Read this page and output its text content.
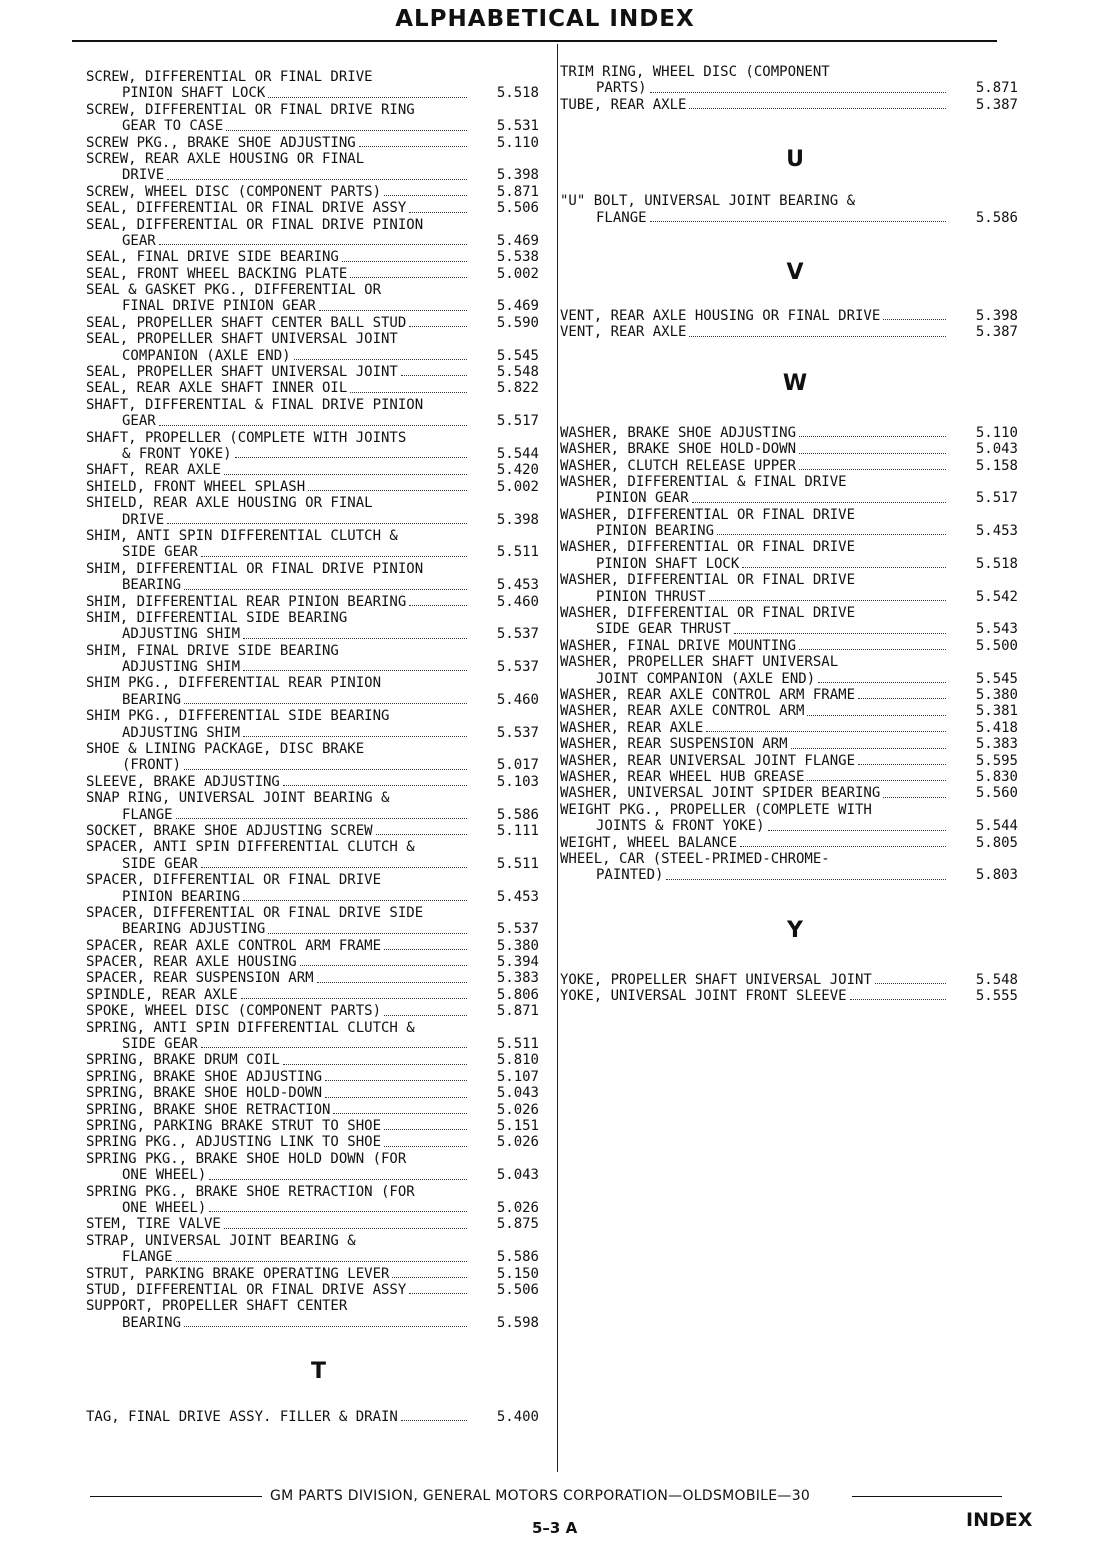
ALPHABETICAL INDEX
SCREW, DIFFERENTIAL OR FINAL DRIVE
PINION SHAFT LOCK	5.518
SCREW, DIFFERENTIAL OR FINAL DRIVE RING
GEAR TO CASE	5.531
SCREW PKG., BRAKE SHOE ADJUSTING	5.110
SCREW, REAR AXLE HOUSING OR FINAL
DRIVE	5.398
SCREW, WHEEL DISC (COMPONENT PARTS)	5.871
SEAL, DIFFERENTIAL OR FINAL DRIVE ASSY	5.506
SEAL, DIFFERENTIAL OR FINAL DRIVE PINION
GEAR	5.469
SEAL, FINAL DRIVE SIDE BEARING	5.538
SEAL, FRONT WHEEL BACKING PLATE	5.002
SEAL & GASKET PKG., DIFFERENTIAL OR
FINAL DRIVE PINION GEAR	5.469
SEAL, PROPELLER SHAFT CENTER BALL STUD	5.590
SEAL, PROPELLER SHAFT UNIVERSAL JOINT
COMPANION (AXLE END)	5.545
SEAL, PROPELLER SHAFT UNIVERSAL JOINT	5.548
SEAL, REAR AXLE SHAFT INNER OIL	5.822
SHAFT, DIFFERENTIAL & FINAL DRIVE PINION
GEAR	5.517
SHAFT, PROPELLER (COMPLETE WITH JOINTS
& FRONT YOKE)	5.544
SHAFT, REAR AXLE	5.420
SHIELD, FRONT WHEEL SPLASH	5.002
SHIELD, REAR AXLE HOUSING OR FINAL
DRIVE	5.398
SHIM, ANTI SPIN DIFFERENTIAL CLUTCH &
SIDE GEAR	5.511
SHIM, DIFFERENTIAL OR FINAL DRIVE PINION
BEARING	5.453
SHIM, DIFFERENTIAL REAR PINION BEARING	5.460
SHIM, DIFFERENTIAL SIDE BEARING
ADJUSTING SHIM	5.537
SHIM, FINAL DRIVE SIDE BEARING
ADJUSTING SHIM	5.537
SHIM PKG., DIFFERENTIAL REAR PINION
BEARING	5.460
SHIM PKG., DIFFERENTIAL SIDE BEARING
ADJUSTING SHIM	5.537
SHOE & LINING PACKAGE, DISC BRAKE
(FRONT)	5.017
SLEEVE, BRAKE ADJUSTING	5.103
SNAP RING, UNIVERSAL JOINT BEARING &
FLANGE	5.586
SOCKET, BRAKE SHOE ADJUSTING SCREW	5.111
SPACER, ANTI SPIN DIFFERENTIAL CLUTCH &
SIDE GEAR	5.511
SPACER, DIFFERENTIAL OR FINAL DRIVE
PINION BEARING	5.453
SPACER, DIFFERENTIAL OR FINAL DRIVE SIDE
BEARING ADJUSTING	5.537
SPACER, REAR AXLE CONTROL ARM FRAME	5.380
SPACER, REAR AXLE HOUSING	5.394
SPACER, REAR SUSPENSION ARM	5.383
SPINDLE, REAR AXLE	5.806
SPOKE, WHEEL DISC (COMPONENT PARTS)	5.871
SPRING, ANTI SPIN DIFFERENTIAL CLUTCH &
SIDE GEAR	5.511
SPRING, BRAKE DRUM COIL	5.810
SPRING, BRAKE SHOE ADJUSTING	5.107
SPRING, BRAKE SHOE HOLD-DOWN	5.043
SPRING, BRAKE SHOE RETRACTION	5.026
SPRING, PARKING BRAKE STRUT TO SHOE	5.151
SPRING PKG., ADJUSTING LINK TO SHOE	5.026
SPRING PKG., BRAKE SHOE HOLD DOWN (FOR
ONE WHEEL)	5.043
SPRING PKG., BRAKE SHOE RETRACTION (FOR
ONE WHEEL)	5.026
STEM, TIRE VALVE	5.875
STRAP, UNIVERSAL JOINT BEARING &
FLANGE	5.586
STRUT, PARKING BRAKE OPERATING LEVER	5.150
STUD, DIFFERENTIAL OR FINAL DRIVE ASSY	5.506
SUPPORT, PROPELLER SHAFT CENTER
BEARING	5.598
T
TAG, FINAL DRIVE ASSY. FILLER & DRAIN	5.400
TRIM RING, WHEEL DISC (COMPONENT
PARTS)	5.871
TUBE, REAR AXLE	5.387
U
"U" BOLT, UNIVERSAL JOINT BEARING &
FLANGE	5.586
V
VENT, REAR AXLE HOUSING OR FINAL DRIVE	5.398
VENT, REAR AXLE	5.387
W
WASHER, BRAKE SHOE ADJUSTING	5.110
WASHER, BRAKE SHOE HOLD-DOWN	5.043
WASHER, CLUTCH RELEASE UPPER	5.158
WASHER, DIFFERENTIAL & FINAL DRIVE
PINION GEAR	5.517
WASHER, DIFFERENTIAL OR FINAL DRIVE
PINION BEARING	5.453
WASHER, DIFFERENTIAL OR FINAL DRIVE
PINION SHAFT LOCK	5.518
WASHER, DIFFERENTIAL OR FINAL DRIVE
PINION THRUST	5.542
WASHER, DIFFERENTIAL OR FINAL DRIVE
SIDE GEAR THRUST	5.543
WASHER, FINAL DRIVE MOUNTING	5.500
WASHER, PROPELLER SHAFT UNIVERSAL
JOINT COMPANION (AXLE END)	5.545
WASHER, REAR AXLE CONTROL ARM FRAME	5.380
WASHER, REAR AXLE CONTROL ARM	5.381
WASHER, REAR AXLE	5.418
WASHER, REAR SUSPENSION ARM	5.383
WASHER, REAR UNIVERSAL JOINT FLANGE	5.595
WASHER, REAR WHEEL HUB GREASE	5.830
WASHER, UNIVERSAL JOINT SPIDER BEARING	5.560
WEIGHT PKG., PROPELLER (COMPLETE WITH
JOINTS & FRONT YOKE)	5.544
WEIGHT, WHEEL BALANCE	5.805
WHEEL, CAR (STEEL-PRIMED-CHROME-
PAINTED)	5.803
Y
YOKE, PROPELLER SHAFT UNIVERSAL JOINT	5.548
YOKE, UNIVERSAL JOINT FRONT SLEEVE	5.555
GM PARTS DIVISION, GENERAL MOTORS CORPORATION—OLDSMOBILE—30
5–3 A	INDEX
